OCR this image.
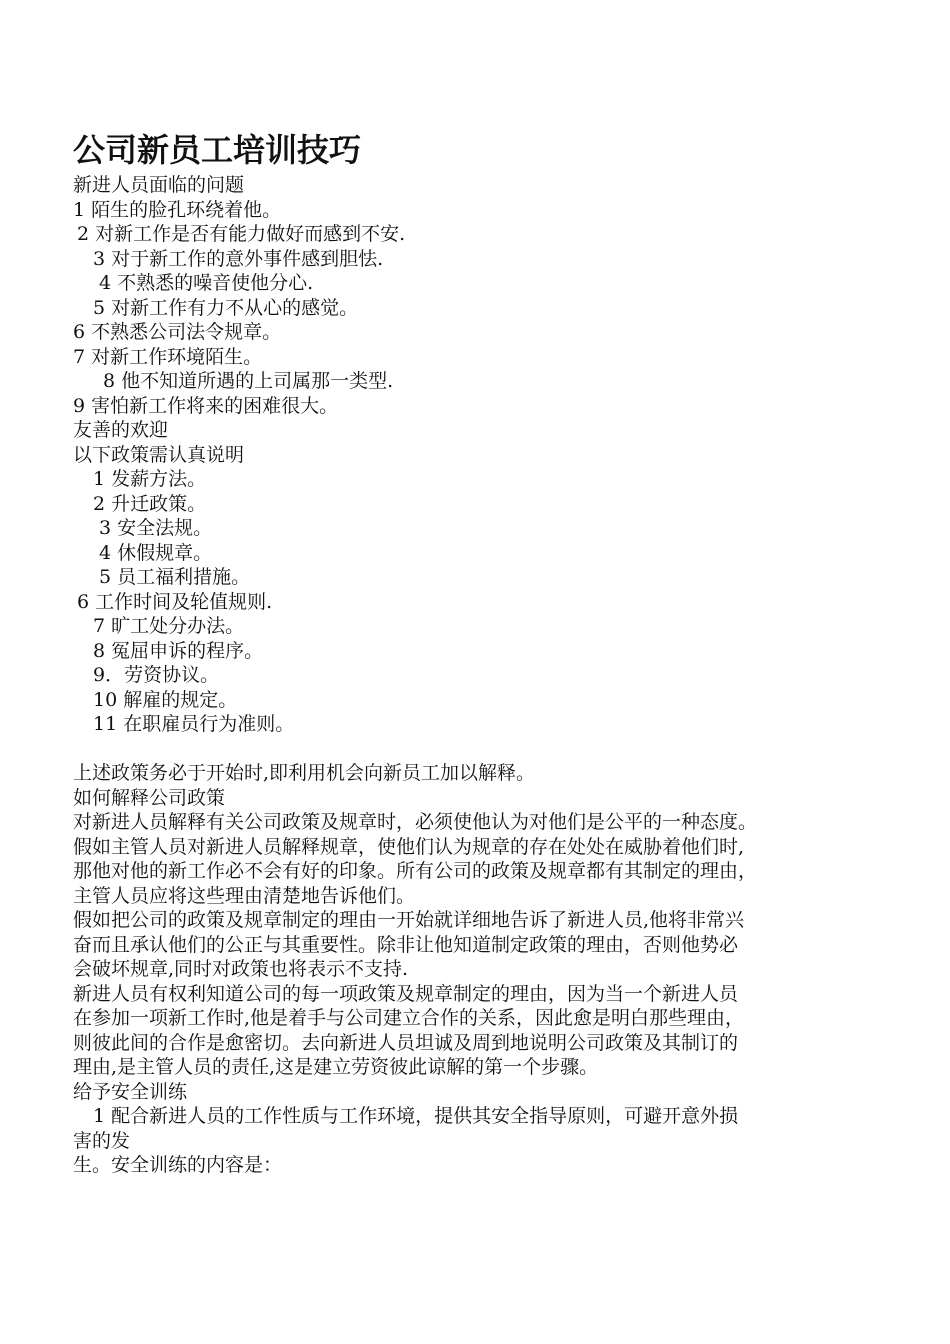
公司新员工培训技巧

新进人员面临的问题

1 陌生的脸孔环绕着他。

2 对新工作是否有能力做好而感到不安.

3 对于新工作的意外事件感到胆怯.

4 不熟悉的噪音使他分心.

5 对新工作有力不从心的感觉。

6 不熟悉公司法令规章。

7 对新工作环境陌生。

8 他不知道所遇的上司属那一类型.

9 害怕新工作将来的困难很大。

友善的欢迎

以下政策需认真说明

1 发薪方法。

2 升迁政策。

3 安全法规。

4 休假规章。

5 员工福利措施。

6 工作时间及轮值规则.

7 旷工处分办法。

8 冤屈申诉的程序。

9．劳资协议。

10 解雇的规定。

11 在职雇员行为准则。

上述政策务必于开始时,即利用机会向新员工加以解释。

如何解释公司政策

对新进人员解释有关公司政策及规章时，必须使他认为对他们是公平的一种态度。

假如主管人员对新进人员解释规章，使他们认为规章的存在处处在威胁着他们时,

那他对他的新工作必不会有好的印象。所有公司的政策及规章都有其制定的理由，

主管人员应将这些理由清楚地告诉他们。

假如把公司的政策及规章制定的理由一开始就详细地告诉了新进人员,他将非常兴

奋而且承认他们的公正与其重要性。除非让他知道制定政策的理由，否则他势必

会破坏规章,同时对政策也将表示不支持.

新进人员有权利知道公司的每一项政策及规章制定的理由，因为当一个新进人员

在参加一项新工作时,他是着手与公司建立合作的关系，因此愈是明白那些理由，

则彼此间的合作是愈密切。去向新进人员坦诚及周到地说明公司政策及其制订的

理由,是主管人员的责任,这是建立劳资彼此谅解的第一个步骤。

给予安全训练

1 配合新进人员的工作性质与工作环境，提供其安全指导原则，可避开意外损

害的发

生。安全训练的内容是：
